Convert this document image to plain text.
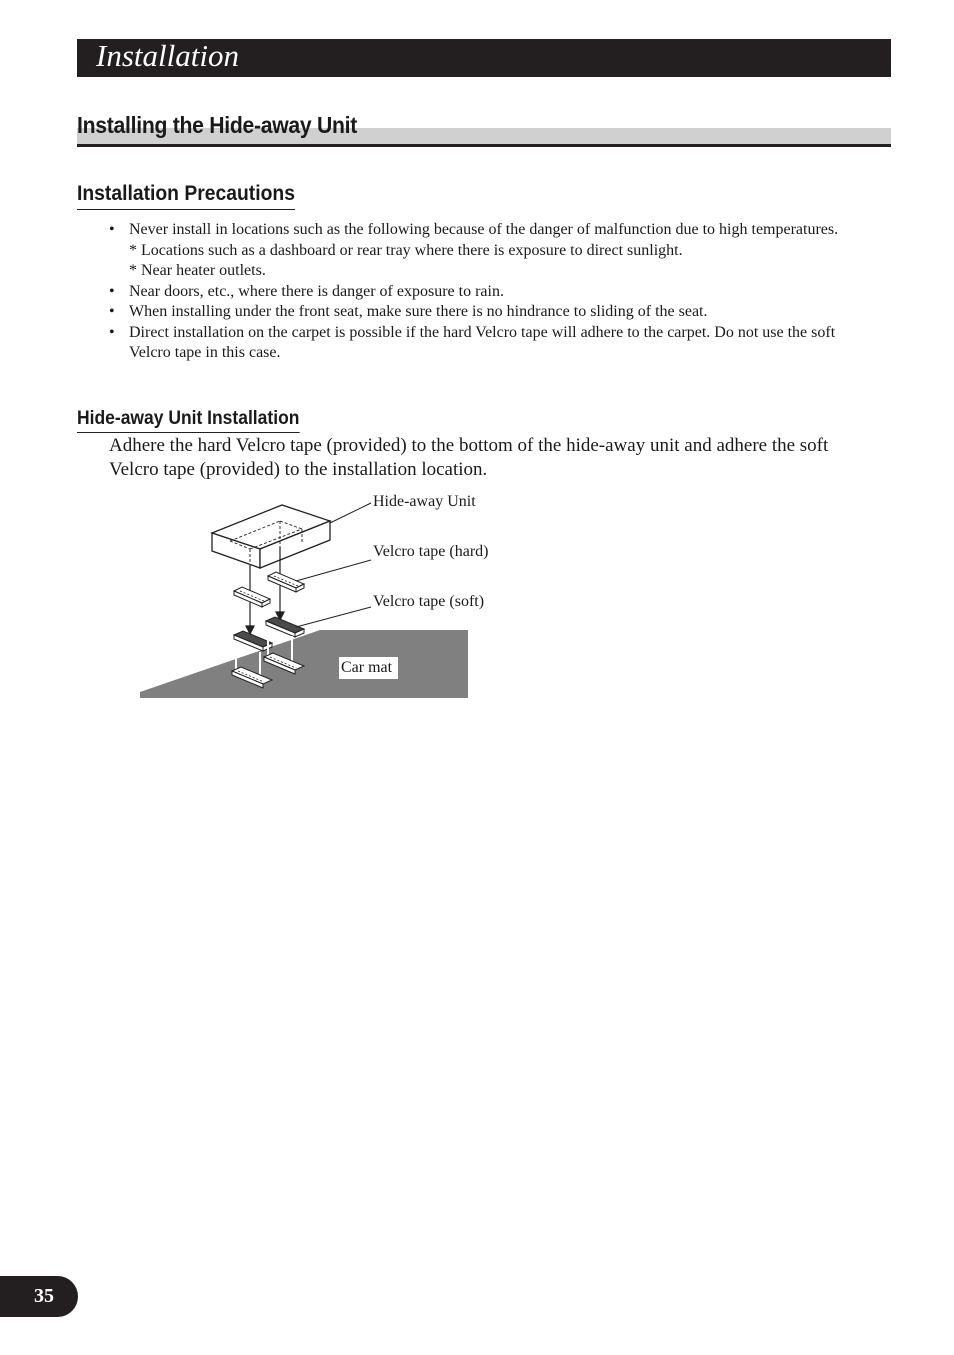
Installation
Installing the Hide-away Unit
Installation Precautions
• Never install in locations such as the following because of the danger of malfunction due to high temperatures.

* Locations such as a dashboard or rear tray where there is exposure to direct sunlight.

* Near heater outlets.

• Near doors, etc., where there is danger of exposure to rain.

• When installing under the front seat, make sure there is no hindrance to sliding of the seat.

• Direct installation on the carpet is possible if the hard Velcro tape will adhere to the carpet. Do not use the soft Velcro tape in this case.

Hide-away Unit Installation

Adhere the hard Velcro tape (provided) to the bottom of the hide-away unit and adhere the soft Velcro tape (provided) to the installation location.

Hide-away Unit
Velcro tape (hard)
Velcro tape (soft)
Car mat
35
